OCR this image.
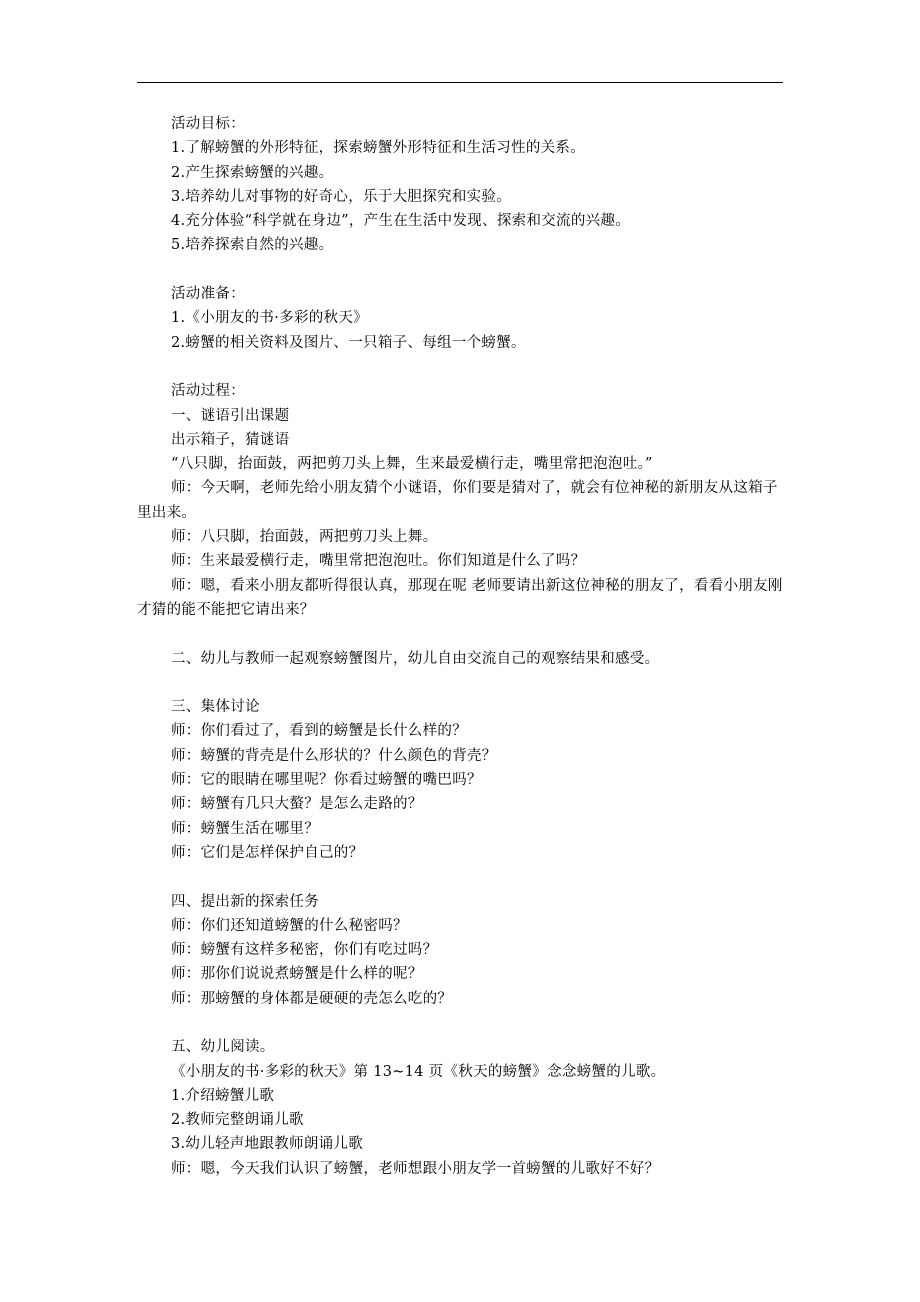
活动目标：

1.了解螃蟹的外形特征，探索螃蟹外形特征和生活习性的关系。

2.产生探索螃蟹的兴趣。

3.培养幼儿对事物的好奇心，乐于大胆探究和实验。

4.充分体验“科学就在身边”，产生在生活中发现、探索和交流的兴趣。

5.培养探索自然的兴趣。

活动准备：

1.《小朋友的书·多彩的秋天》

2.螃蟹的相关资料及图片、一只箱子、每组一个螃蟹。

活动过程：

一、谜语引出课题

出示箱子，猜谜语

“八只脚，抬面鼓，两把剪刀头上舞，生来最爱横行走，嘴里常把泡泡吐。”

师：今天啊，老师先给小朋友猜个小谜语，你们要是猜对了，就会有位神秘的新朋友从这箱子里出来。

师：八只脚，抬面鼓，两把剪刀头上舞。

师：生来最爱横行走，嘴里常把泡泡吐。你们知道是什么了吗？

师：嗯，看来小朋友都听得很认真，那现在呢 老师要请出新这位神秘的朋友了，看看小朋友刚才猜的能不能把它请出来？

二、幼儿与教师一起观察螃蟹图片，幼儿自由交流自己的观察结果和感受。

三、集体讨论

师：你们看过了，看到的螃蟹是长什么样的？

师：螃蟹的背壳是什么形状的？什么颜色的背壳？

师：它的眼睛在哪里呢？你看过螃蟹的嘴巴吗？

师：螃蟹有几只大螯？是怎么走路的？

师：螃蟹生活在哪里？

师：它们是怎样保护自己的？

四、提出新的探索任务

师：你们还知道螃蟹的什么秘密吗？

师：螃蟹有这样多秘密，你们有吃过吗？

师：那你们说说煮螃蟹是什么样的呢？

师：那螃蟹的身体都是硬硬的壳怎么吃的？

五、幼儿阅读。

《小朋友的书·多彩的秋天》第 13~14 页《秋天的螃蟹》念念螃蟹的儿歌。

1.介绍螃蟹儿歌

2.教师完整朗诵儿歌

3.幼儿轻声地跟教师朗诵儿歌

师：嗯，今天我们认识了螃蟹，老师想跟小朋友学一首螃蟹的儿歌好不好？
